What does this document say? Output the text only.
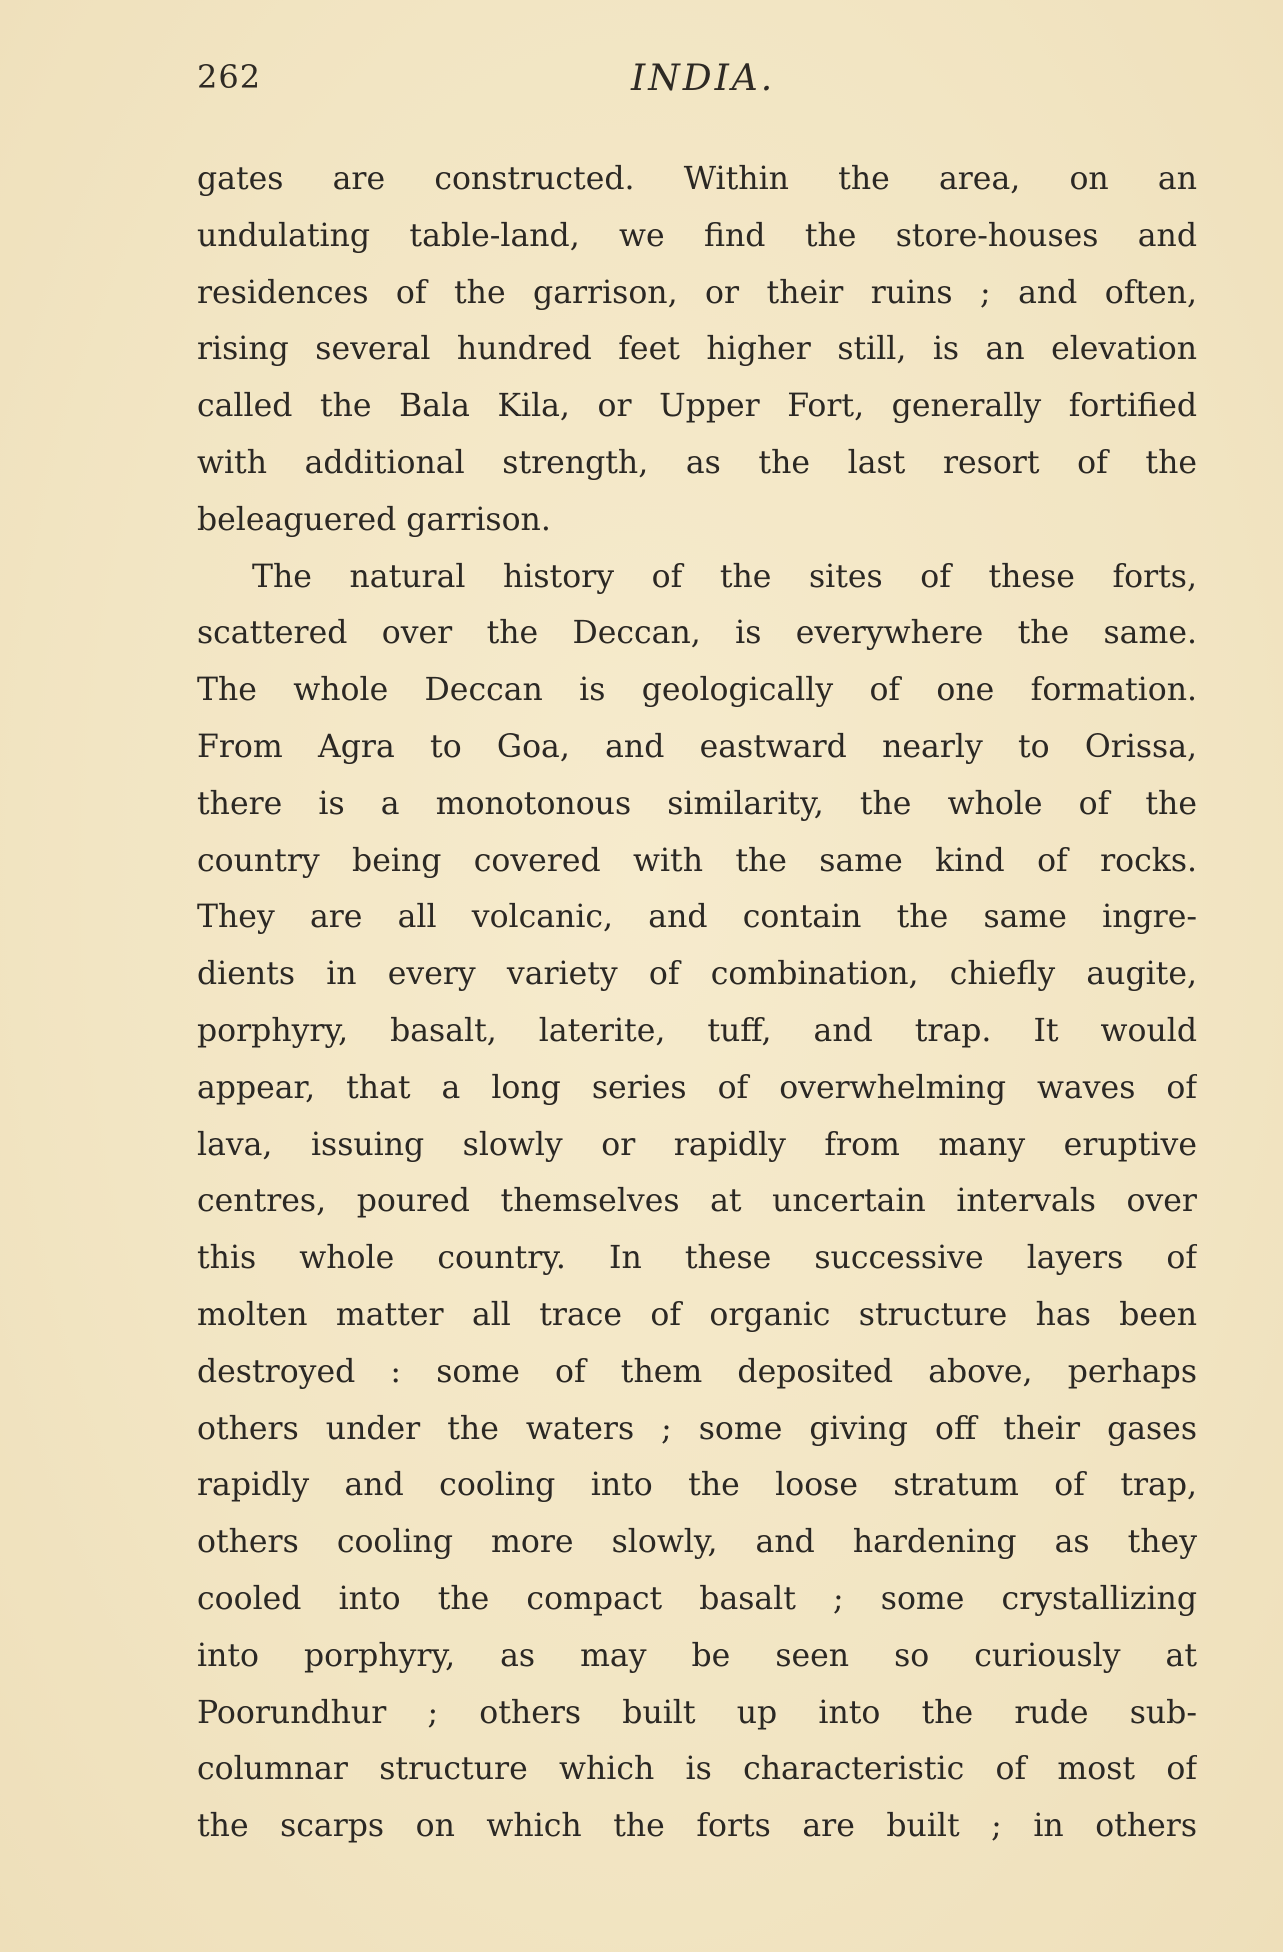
262	INDIA.
gates are constructed. Within the area, on an
undulating table-land, we find the store-houses and
residences of the garrison, or their ruins ; and often,
rising several hundred feet higher still, is an elevation
called the Bala Kila, or Upper Fort, generally fortified
with additional strength, as the last resort of the
beleaguered garrison.
The natural history of the sites of these forts,
scattered over the Deccan, is everywhere the same.
The whole Deccan is geologically of one formation.
From Agra to Goa, and eastward nearly to Orissa,
there is a monotonous similarity, the whole of the
country being covered with the same kind of rocks.
They are all volcanic, and contain the same ingre-
dients in every variety of combination, chiefly augite,
porphyry, basalt, laterite, tuff, and trap. It would
appear, that a long series of overwhelming waves of
lava, issuing slowly or rapidly from many eruptive
centres, poured themselves at uncertain intervals over
this whole country. In these successive layers of
molten matter all trace of organic structure has been
destroyed : some of them deposited above, perhaps
others under the waters ; some giving off their gases
rapidly and cooling into the loose stratum of trap,
others cooling more slowly, and hardening as they
cooled into the compact basalt ; some crystallizing
into porphyry, as may be seen so curiously at
Poorundhur ; others built up into the rude sub-
columnar structure which is characteristic of most of
the scarps on which the forts are built ; in others
